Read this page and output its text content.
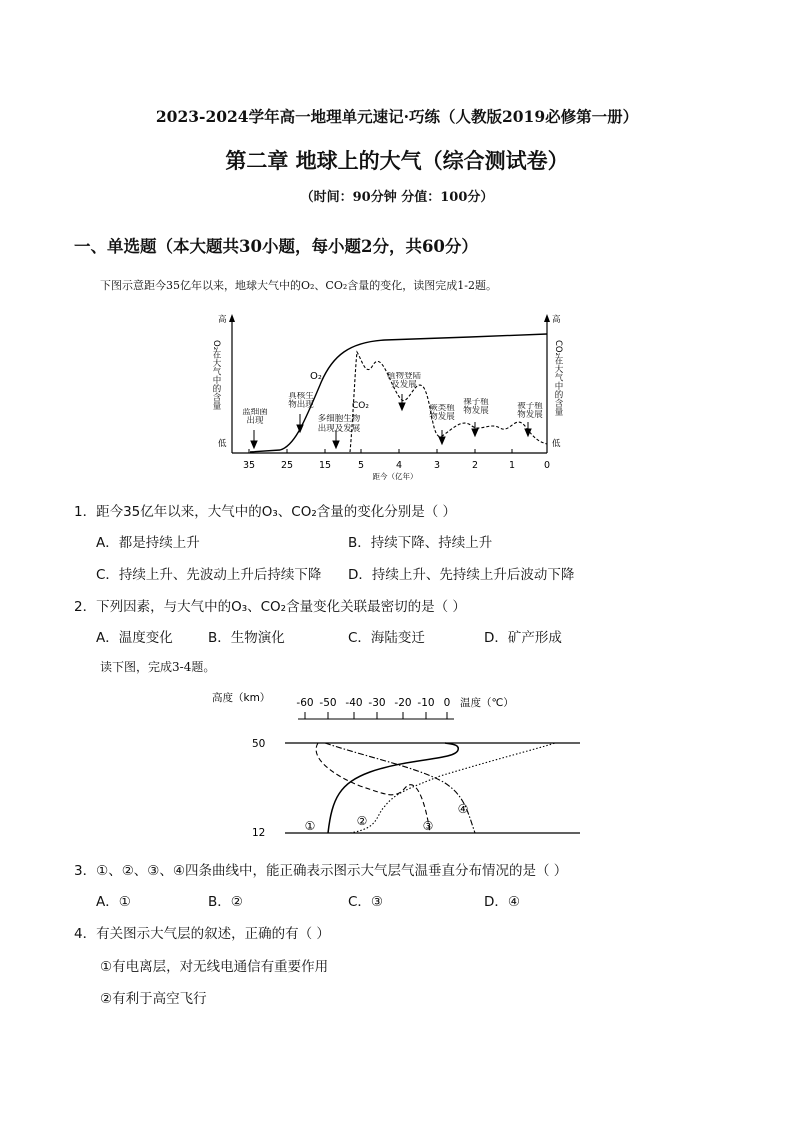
2023-2024学年高一地理单元速记·巧练（人教版2019必修第一册）
第二章 地球上的大气（综合测试卷）
（时间：90分钟 分值：100分）
一、单选题（本大题共30小题，每小题2分，共60分）
下图示意距今35亿年以来，地球大气中的O₂、CO₂含量的变化，读图完成1-2题。
高
低
高
低
O₂在大气中的含量	CO₂在大气中的含量
O₂
CO₂
35	25	15	5	4	3	2	1	0
距今（亿年）
蓝细菌出现
真核生物出现
多细胞生物出现及发展
植物登陆及发展
蕨类植物发展
裸子植物发展	被子植物发展
1．距今35亿年以来，大气中的O₃、CO₂含量的变化分别是（ ）
A．都是持续上升	B．持续下降、持续上升
C．持续上升、先波动上升后持续下降 D．持续上升、先持续上升后波动下降
2．下列因素，与大气中的O₃、CO₂含量变化关联最密切的是（ ）
A．温度变化	B．生物演化	C．海陆变迁	D．矿产形成
读下图，完成3-4题。
高度（km） -60 -50 -40 -30 -20 -10 0 温度（℃）
50
12	①	②	③
④
3．①、②、③、④四条曲线中，能正确表示图示大气层气温垂直分布情况的是（ ）
A．①	B．②	C．③	D．④
4．有关图示大气层的叙述，正确的有（ ）
①有电离层，对无线电通信有重要作用
②有利于高空飞行
